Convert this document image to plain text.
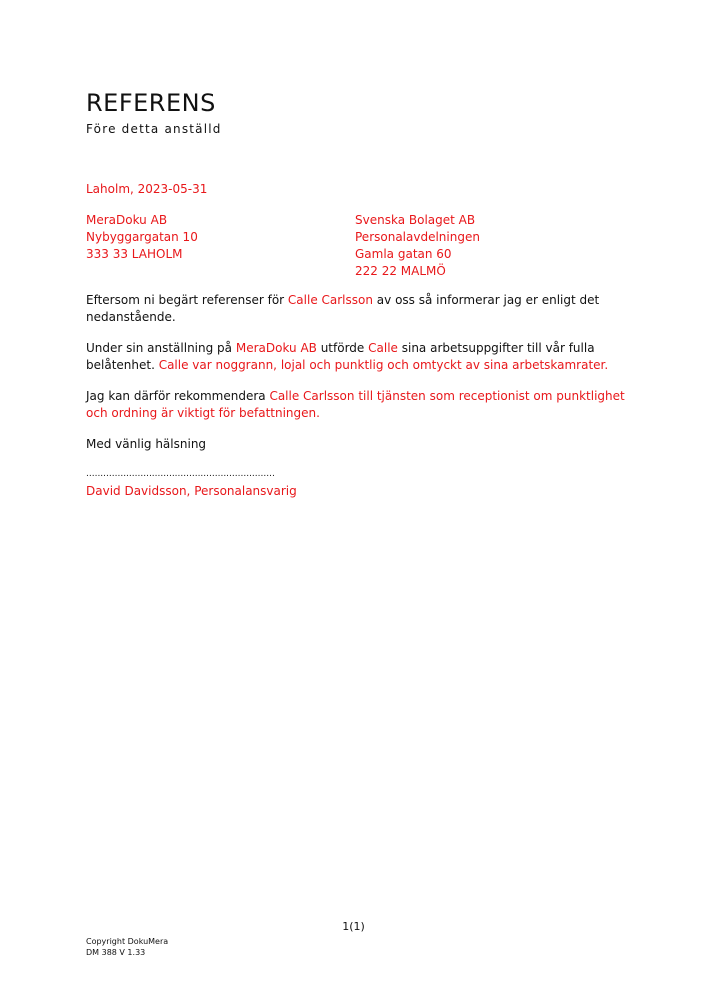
REFERENS
Före detta anställd
Laholm, 2023-05-31
MeraDoku AB
Nybyggargatan 10
333 33 LAHOLM
Svenska Bolaget AB
Personalavdelningen
Gamla gatan 60
222 22 MALMÖ
Eftersom ni begärt referenser för Calle Carlsson av oss så informerar jag er enligt det nedanstående.
Under sin anställning på MeraDoku AB utförde Calle sina arbetsuppgifter till vår fulla belåtenhet. Calle var noggrann, lojal och punktlig och omtyckt av sina arbetskamrater.
Jag kan därför rekommendera Calle Carlsson till tjänsten som receptionist om punktlighet och ordning är viktigt för befattningen.
Med vänlig hälsning
..................................................................
David Davidsson, Personalansvarig
1(1)
Copyright DokuMera
DM 388 V 1.33
